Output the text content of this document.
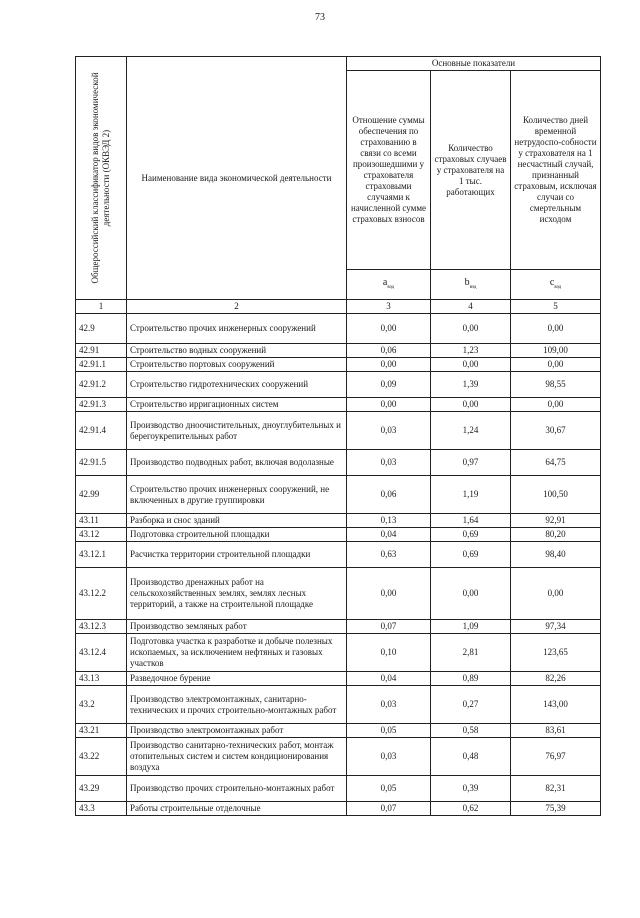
73
Общероссийский классификатор видов экономической деятельности (ОКВЭД 2)	Наименование вида экономической деятельности	Основные показатели		
		Отношение суммы обеспечения по страхованию в связи со всеми произошедшими у страхователя страховыми случаями к начисленной сумме страховых взносов	Количество страховых случаев у страхователя на 1 тыс. работающих	Количество дней временной нетрудоспо-собности у страхователя на 1 несчастный случай, признанный страховым, исключая случаи со смертельным исходом
		$a_{вэд}$	$b_{вэд}$	$c_{вэд}$
1	2	3	4	5
42.9	Строительство прочих инженерных сооружений	0,00	0,00	0,00
42.91	Строительство водных сооружений	0,06	1,23	109,00
42.91.1	Строительство портовых сооружений	0,00	0,00	0,00
42.91.2	Строительство гидротехнических сооружений	0,09	1,39	98,55
42.91.3	Строительство ирригационных систем	0,00	0,00	0,00
42.91.4	Производство дноочистительных, дноуглубительных и берегоукрепительных работ	0,03	1,24	30,67
42.91.5	Производство подводных работ, включая водолазные	0,03	0,97	64,75
42.99	Строительство прочих инженерных сооружений, не включенных в другие группировки	0,06	1,19	100,50
43.11	Разборка и снос зданий	0,13	1,64	92,91
43.12	Подготовка строительной площадки	0,04	0,69	80,20
43.12.1	Расчистка территории строительной площадки	0,63	0,69	98,40
43.12.2	Производство дренажных работ на сельскохозяйственных землях, землях лесных территорий, а также на строительной площадке	0,00	0,00	0,00
43.12.3	Производство земляных работ	0,07	1,09	97,34
43.12.4	Подготовка участка к разработке и добыче полезных ископаемых, за исключением нефтяных и газовых участков	0,10	2,81	123,65
43.13	Разведочное бурение	0,04	0,89	82,26
43.2	Производство электромонтажных, санитарно-технических и прочих строительно-монтажных работ	0,03	0,27	143,00
43.21	Производство электромонтажных работ	0,05	0,58	83,61
43.22	Производство санитарно-технических работ, монтаж отопительных систем и систем кондиционирования воздуха	0,03	0,48	76,97
43.29	Производство прочих строительно-монтажных работ	0,05	0,39	82,31
43.3	Работы строительные отделочные	0,07	0,62	75,39
